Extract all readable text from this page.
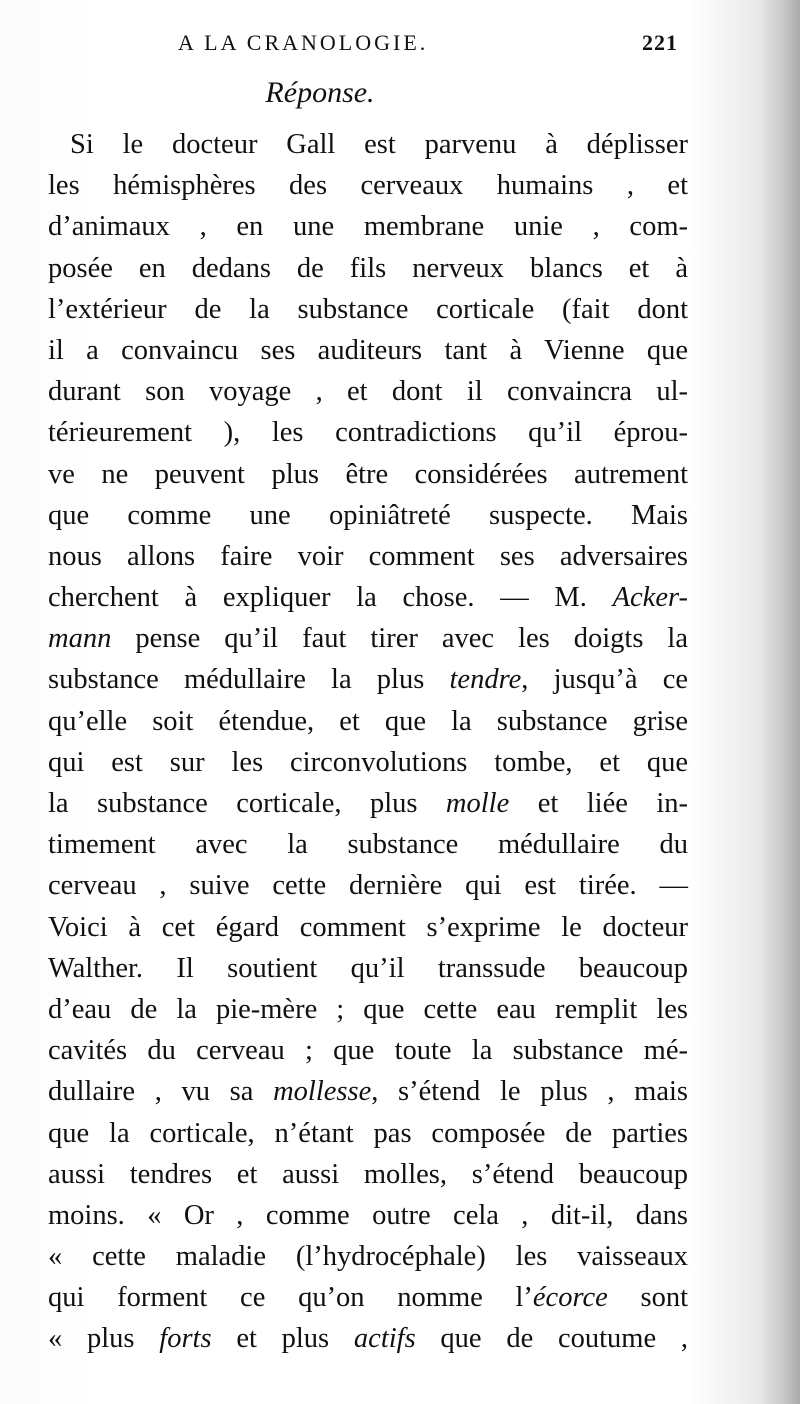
A LA CRANOLOGIE.	221
Réponse.
Si le docteur Gall est parvenu à déplisser
les hémisphères des cerveaux humains , et
d’animaux , en une membrane unie , com-
posée en dedans de fils nerveux blancs et à
l’extérieur de la substance corticale (fait dont
il a convaincu ses auditeurs tant à Vienne que
durant son voyage , et dont il convaincra ul-
térieurement ), les contradictions qu’il éprou-
ve ne peuvent plus être considérées autrement
que comme une opiniâtreté suspecte. Mais
nous allons faire voir comment ses adversaires
cherchent à expliquer la chose. — M. Acker-
mann pense qu’il faut tirer avec les doigts la
substance médullaire la plus tendre, jusqu’à ce
qu’elle soit étendue, et que la substance grise
qui est sur les circonvolutions tombe, et que
la substance corticale, plus molle et liée in-
timement avec la substance médullaire du
cerveau , suive cette dernière qui est tirée. —
Voici à cet égard comment s’exprime le docteur
Walther. Il soutient qu’il transsude beaucoup
d’eau de la pie-mère ; que cette eau remplit les
cavités du cerveau ; que toute la substance mé-
dullaire , vu sa mollesse, s’étend le plus , mais
que la corticale, n’étant pas composée de parties
aussi tendres et aussi molles, s’étend beaucoup
moins. « Or , comme outre cela , dit-il, dans
« cette maladie (l’hydrocéphale) les vaisseaux
qui forment ce qu’on nomme l’écorce sont
« plus forts et plus actifs que de coutume ,
